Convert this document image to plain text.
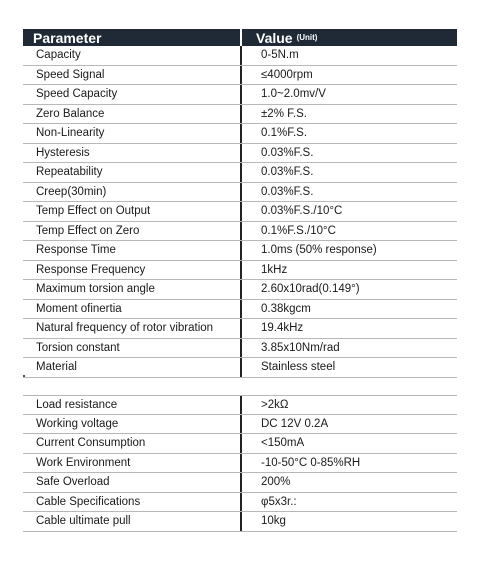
Parameter	Value (Unit)
Capacity	0-5N.m
Speed Signal	≤4000rpm
Speed Capacity	1.0~2.0mv/V
Zero Balance	±2% F.S.
Non-Linearity	0.1%F.S.
Hysteresis	0.03%F.S.
Repeatability	0.03%F.S.
Creep(30min)	0.03%F.S.
Temp Effect on Output	0.03%F.S./10°C
Temp Effect on Zero	0.1%F.S./10°C
Response Time	1.0ms (50% response)
Response Frequency	1kHz
Maximum torsion angle	2.60x10rad(0.149°)
Moment ofinertia	0.38kgcm
Natural frequency of rotor vibration	19.4kHz
Torsion constant	3.85x10Nm/rad
Material	Stainless steel
Load resistance	>2kΩ
Working voltage	DC 12V 0.2A
Current Consumption	<150mA
Work Environment	-10-50°C 0-85%RH
Safe Overload	200%
Cable Specifications	φ5x3r.:
Cable ultimate pull	10kg
